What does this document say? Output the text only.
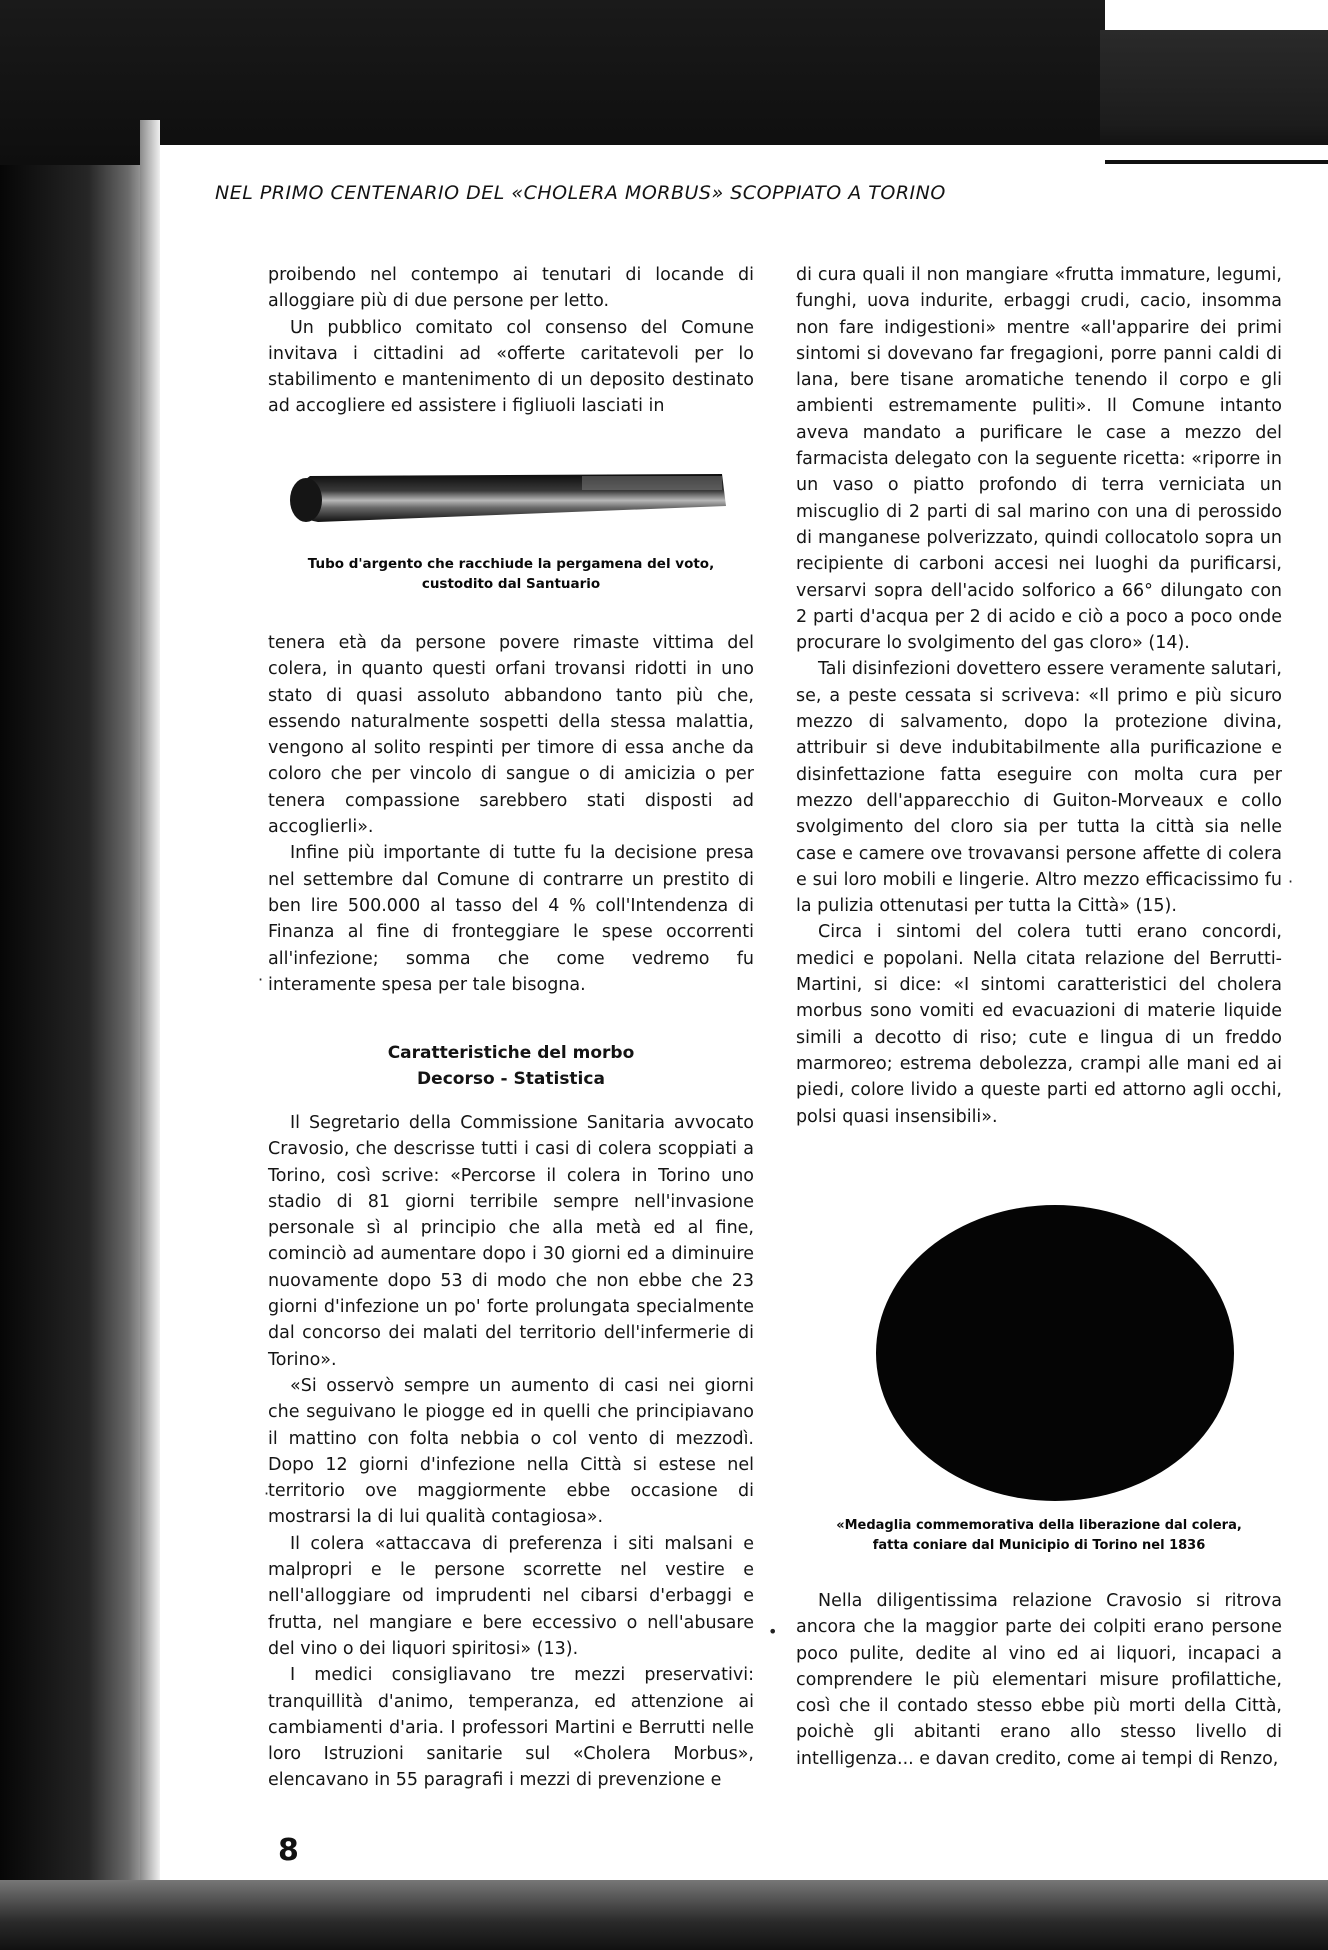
NEL PRIMO CENTENARIO DEL «CHOLERA MORBUS» SCOPPIATO A TORINO

proibendo nel contempo ai tenutari di locande di alloggiare più di due persone per letto.

Un pubblico comitato col consenso del Comune invitava i cittadini ad «offerte caritatevoli per lo stabilimento e mantenimento di un deposito destinato ad accogliere ed assistere i figliuoli lasciati in

Tubo d'argento che racchiude la pergamena del voto,
custodito dal Santuario

tenera età da persone povere rimaste vittima del colera, in quanto questi orfani trovansi ridotti in uno stato di quasi assoluto abbandono tanto più che, essendo naturalmente sospetti della stessa malattia, vengono al solito respinti per timore di essa anche da coloro che per vincolo di sangue o di amicizia o per tenera compassione sarebbero stati disposti ad accoglierli».

Infine più importante di tutte fu la decisione presa nel settembre dal Comune di contrarre un prestito di ben lire 500.000 al tasso del 4 % coll'Intendenza di Finanza al fine di fronteggiare le spese occorrenti all'infezione; somma che come vedremo fu interamente spesa per tale bisogna.

Caratteristiche del morbo
Decorso - Statistica

Il Segretario della Commissione Sanitaria avvocato Cravosio, che descrisse tutti i casi di colera scoppiati a Torino, così scrive: «Percorse il colera in Torino uno stadio di 81 giorni terribile sempre nell'invasione personale sì al principio che alla metà ed al fine, cominciò ad aumentare dopo i 30 giorni ed a diminuire nuovamente dopo 53 di modo che non ebbe che 23 giorni d'infezione un po' forte prolungata specialmente dal concorso dei malati del territorio dell'infermerie di Torino».

«Si osservò sempre un aumento di casi nei giorni che seguivano le piogge ed in quelli che principiavano il mattino con folta nebbia o col vento di mezzodì. Dopo 12 giorni d'infezione nella Città si estese nel territorio ove maggiormente ebbe occasione di mostrarsi la di lui qualità contagiosa».

Il colera «attaccava di preferenza i siti malsani e malpropri e le persone scorrette nel vestire e nell'alloggiare od imprudenti nel cibarsi d'erbaggi e frutta, nel mangiare e bere eccessivo o nell'abusare del vino o dei liquori spiritosi» (13).

I medici consigliavano tre mezzi preservativi: tranquillità d'animo, temperanza, ed attenzione ai cambiamenti d'aria. I professori Martini e Berrutti nelle loro Istruzioni sanitarie sul «Cholera Morbus», elencavano in 55 paragrafi i mezzi di prevenzione e

di cura quali il non mangiare «frutta immature, legumi, funghi, uova indurite, erbaggi crudi, cacio, insomma non fare indigestioni» mentre «all'apparire dei primi sintomi si dovevano far fregagioni, porre panni caldi di lana, bere tisane aromatiche tenendo il corpo e gli ambienti estremamente puliti». Il Comune intanto aveva mandato a purificare le case a mezzo del farmacista delegato con la seguente ricetta: «riporre in un vaso o piatto profondo di terra verniciata un miscuglio di 2 parti di sal marino con una di perossido di manganese polverizzato, quindi collocatolo sopra un recipiente di carboni accesi nei luoghi da purificarsi, versarvi sopra dell'acido solforico a 66° dilungato con 2 parti d'acqua per 2 di acido e ciò a poco a poco onde procurare lo svolgimento del gas cloro» (14).

Tali disinfezioni dovettero essere veramente salutari, se, a peste cessata si scriveva: «Il primo e più sicuro mezzo di salvamento, dopo la protezione divina, attribuir si deve indubitabilmente alla purificazione e disinfettazione fatta eseguire con molta cura per mezzo dell'apparecchio di Guiton-Morveaux e collo svolgimento del cloro sia per tutta la città sia nelle case e camere ove trovavansi persone affette di colera e sui loro mobili e lingerie. Altro mezzo efficacissimo fu la pulizia ottenutasi per tutta la Città» (15).

Circa i sintomi del colera tutti erano concordi, medici e popolani. Nella citata relazione del Berrutti-Martini, si dice: «I sintomi caratteristici del cholera morbus sono vomiti ed evacuazioni di materie liquide simili a decotto di riso; cute e lingua di un freddo marmoreo; estrema debolezza, crampi alle mani ed ai piedi, colore livido a queste parti ed attorno agli occhi, polsi quasi insensibili».

«Medaglia commemorativa della liberazione dal colera,
fatta coniare dal Municipio di Torino nel 1836

Nella diligentissima relazione Cravosio si ritrova ancora che la maggior parte dei colpiti erano persone poco pulite, dedite al vino ed ai liquori, incapaci a comprendere le più elementari misure profilattiche, così che il contado stesso ebbe più morti della Città, poichè gli abitanti erano allo stesso livello di intelligenza... e davan credito, come ai tempi di Renzo,

·
·
·
•
8
